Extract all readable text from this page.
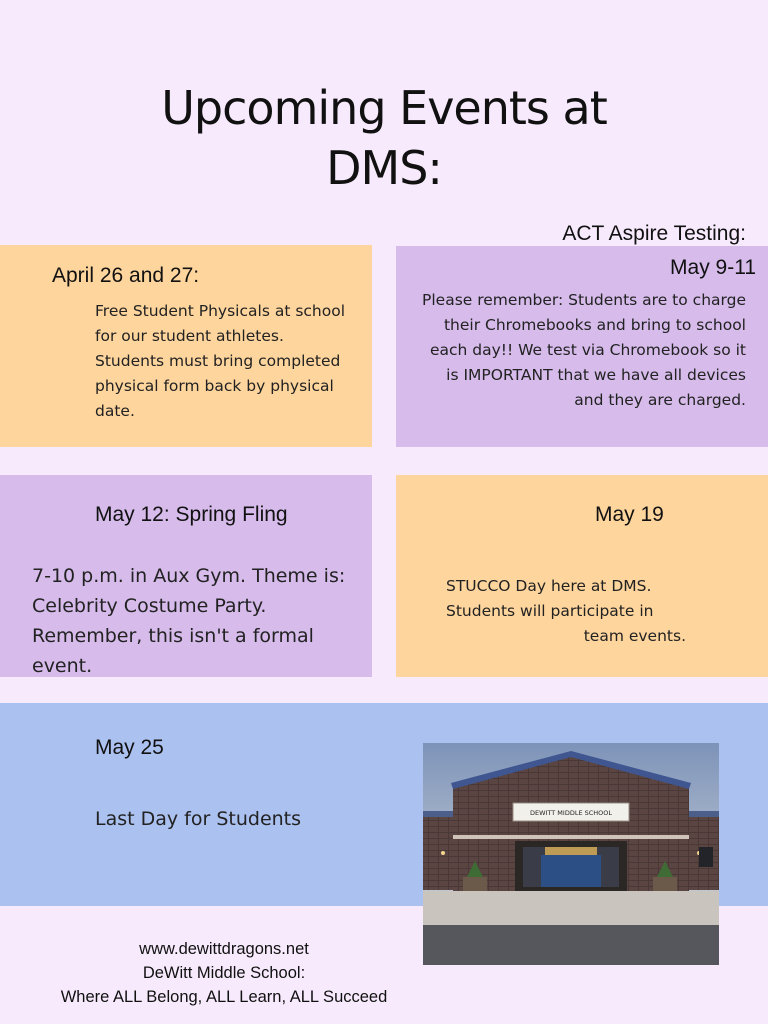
Upcoming Events at
DMS:
April 26 and 27:
Free Student Physicals at school for our student athletes. Students must bring completed physical form back by physical date.
ACT Aspire Testing:
May 9-11
Please remember: Students are to charge their Chromebooks and bring to school each day!! We test via Chromebook so it is IMPORTANT that we have all devices and they are charged.
May 12: Spring Fling
7-10 p.m. in Aux Gym. Theme is: Celebrity Costume Party. Remember, this isn't a formal event.
May 19
STUCCO Day here at DMS.
Students will participate in
team events.
May 25
Last Day for Students	DEWITT MIDDLE SCHOOL
www.dewittdragons.net
DeWitt Middle School:
Where ALL Belong, ALL Learn, ALL Succeed
